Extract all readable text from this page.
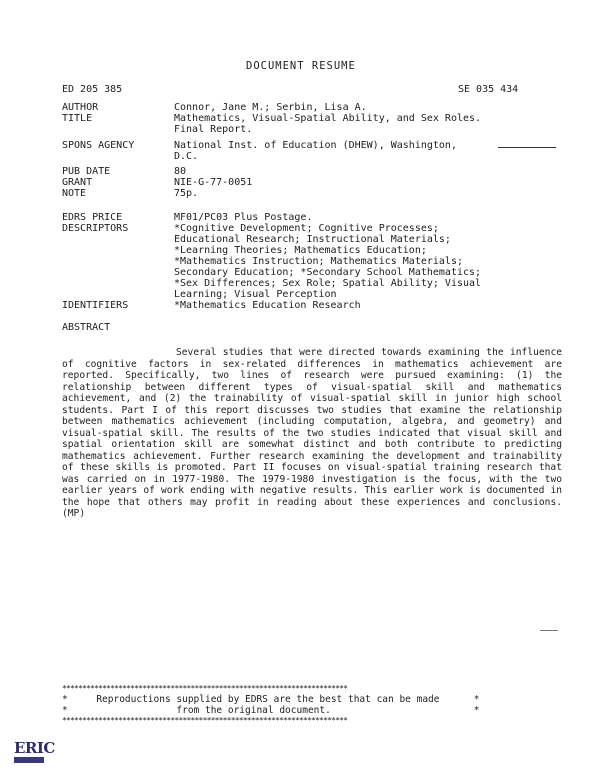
DOCUMENT RESUME
ED 205 385	SE 035 434
AUTHOR	Connor, Jane M.; Serbin, Lisa A.
TITLE	Mathematics, Visual-Spatial Ability, and Sex Roles.
Final Report.
SPONS AGENCY	National Inst. of Education (DHEW), Washington,
D.C.
PUB DATE	80
GRANT	NIE-G-77-0051
NOTE	75p.
EDRS PRICE	MF01/PC03 Plus Postage.
DESCRIPTORS	*Cognitive Development; Cognitive Processes;
Educational Research; Instructional Materials;
*Learning Theories; Mathematics Education;
*Mathematics Instruction; Mathematics Materials;
Secondary Education; *Secondary School Mathematics;
*Sex Differences; Sex Role; Spatial Ability; Visual
Learning; Visual Perception
IDENTIFIERS	*Mathematics Education Research
ABSTRACT
Several studies that were directed towards examining the influence of cognitive factors in sex-related differences in mathematics achievement are reported. Specifically, two lines of research were pursued examining: (1) the relationship between different types of visual-spatial skill and mathematics achievement, and (2) the trainability of visual-spatial skill in junior high school students. Part I of this report discusses two studies that examine the relationship between mathematics achievement (including computation, algebra, and geometry) and visual-spatial skill. The results of the two studies indicated that visual skill and spatial orientation skill are somewhat distinct and both contribute to predicting mathematics achievement. Further research examining the development and trainability of these skills is promoted. Part II focuses on visual-spatial training research that was carried on in 1977-1980. The 1979-1980 investigation is the focus, with the two earlier years of work ending with negative results. This earlier work is documented in the hope that others may profit in reading about these experiences and conclusions. (MP)
***********************************************************************
*     Reproductions supplied by EDRS are the best that can be made      *
*                   from the original document.                         *
***********************************************************************
ERIC
